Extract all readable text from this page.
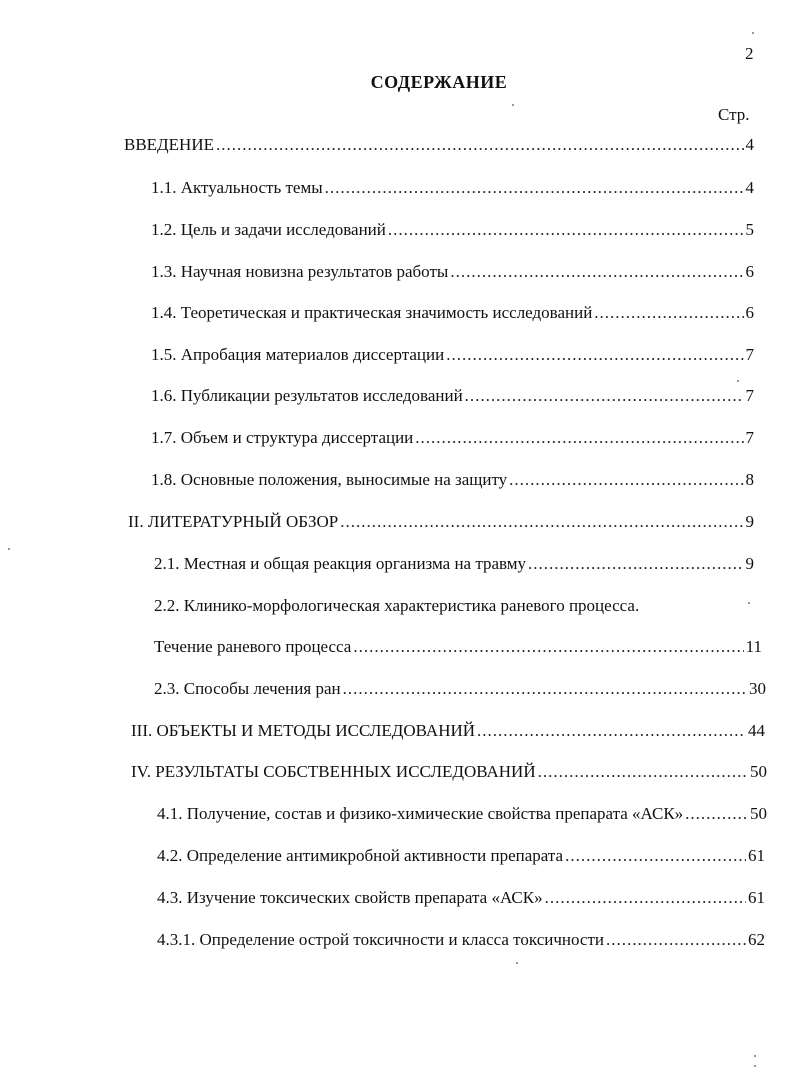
2
СОДЕРЖАНИЕ
Стр.
ВВЕДЕНИЕ .....	4
1.1. Актуальность темы .....	4
1.2. Цель и задачи исследований .....	5
1.3. Научная новизна результатов работы .....	6
1.4. Теоретическая и практическая значимость исследований .....	6
1.5. Апробация материалов диссертации .....	7
1.6. Публикации результатов исследований .....	7
1.7. Объем и структура диссертации .....	7
1.8. Основные положения, выносимые на защиту .....	8
II. ЛИТЕРАТУРНЫЙ ОБЗОР .....	9
2.1. Местная и общая реакция организма на травму .....	9
2.2. Клинико-морфологическая характеристика раневого процесса.
Течение раневого процесса .....	11
2.3. Способы лечения ран .....	30
III. ОБЪЕКТЫ И МЕТОДЫ ИССЛЕДОВАНИЙ .....	44
IV. РЕЗУЛЬТАТЫ СОБСТВЕННЫХ ИССЛЕДОВАНИЙ .....	50
4.1. Получение, состав и физико-химические свойства препарата «АСК» .....	50
4.2. Определение антимикробной активности препарата .....	61
4.3. Изучение токсических свойств препарата «АСК» .....	61
4.3.1. Определение острой токсичности и класса токсичности .....	62
